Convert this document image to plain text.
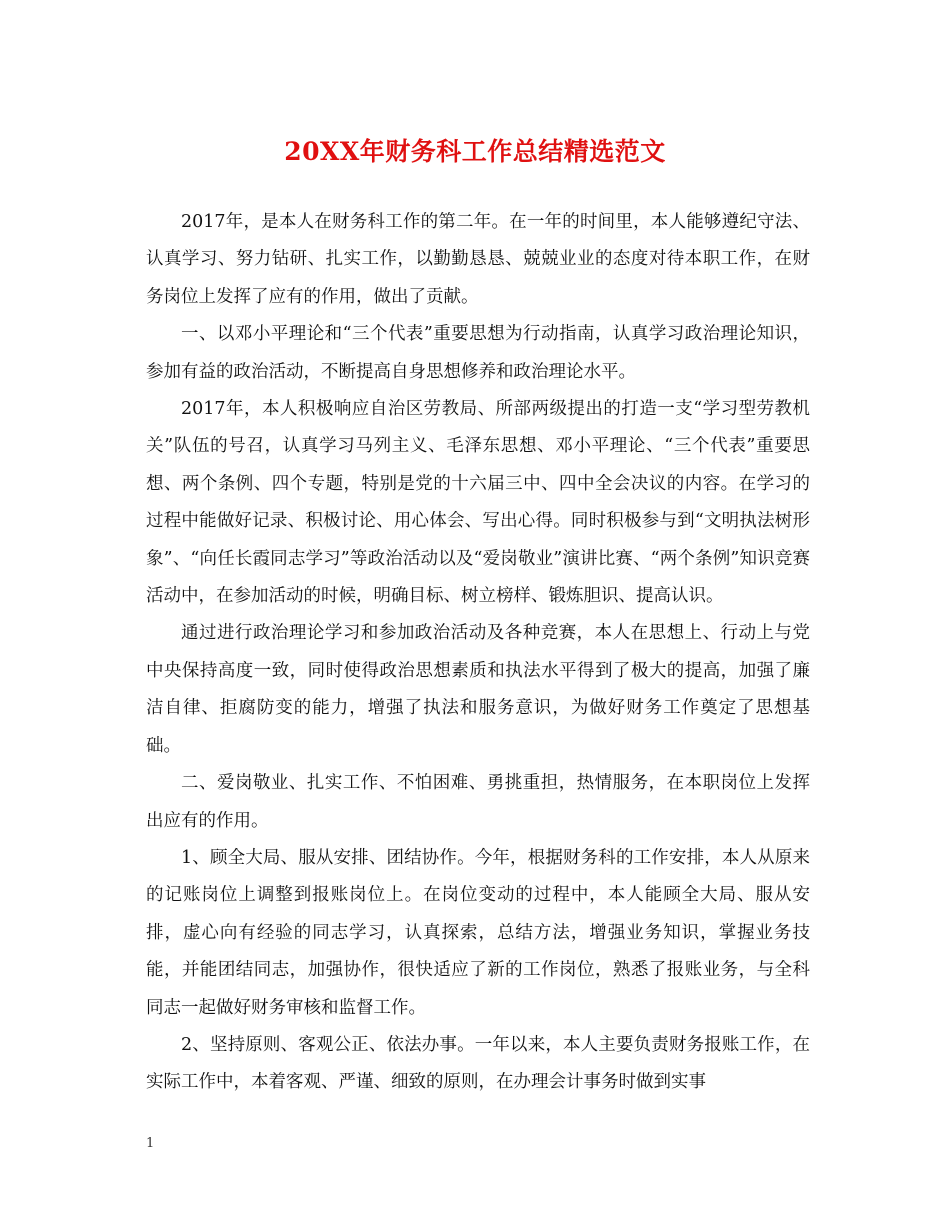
20XX年财务科工作总结精选范文

2017年，是本人在财务科工作的第二年。在一年的时间里，本人能够遵纪守法、认真学习、努力钻研、扎实工作，以勤勤恳恳、兢兢业业的态度对待本职工作，在财务岗位上发挥了应有的作用，做出了贡献。

一、以邓小平理论和“三个代表”重要思想为行动指南，认真学习政治理论知识，参加有益的政治活动，不断提高自身思想修养和政治理论水平。

2017年，本人积极响应自治区劳教局、所部两级提出的打造一支“学习型劳教机关”队伍的号召，认真学习马列主义、毛泽东思想、邓小平理论、“三个代表”重要思想、两个条例、四个专题，特别是党的十六届三中、四中全会决议的内容。在学习的过程中能做好记录、积极讨论、用心体会、写出心得。同时积极参与到“文明执法树形象”、“向任长霞同志学习”等政治活动以及“爱岗敬业”演讲比赛、“两个条例”知识竞赛活动中，在参加活动的时候，明确目标、树立榜样、锻炼胆识、提高认识。

通过进行政治理论学习和参加政治活动及各种竞赛，本人在思想上、行动上与党中央保持高度一致，同时使得政治思想素质和执法水平得到了极大的提高，加强了廉洁自律、拒腐防变的能力，增强了执法和服务意识，为做好财务工作奠定了思想基础。

二、爱岗敬业、扎实工作、不怕困难、勇挑重担，热情服务，在本职岗位上发挥出应有的作用。

1、顾全大局、服从安排、团结协作。今年，根据财务科的工作安排，本人从原来的记账岗位上调整到报账岗位上。在岗位变动的过程中，本人能顾全大局、服从安排，虚心向有经验的同志学习，认真探索，总结方法，增强业务知识，掌握业务技能，并能团结同志，加强协作，很快适应了新的工作岗位，熟悉了报账业务，与全科同志一起做好财务审核和监督工作。

2、坚持原则、客观公正、依法办事。一年以来，本人主要负责财务报账工作，在实际工作中，本着客观、严谨、细致的原则，在办理会计事务时做到实事

1
